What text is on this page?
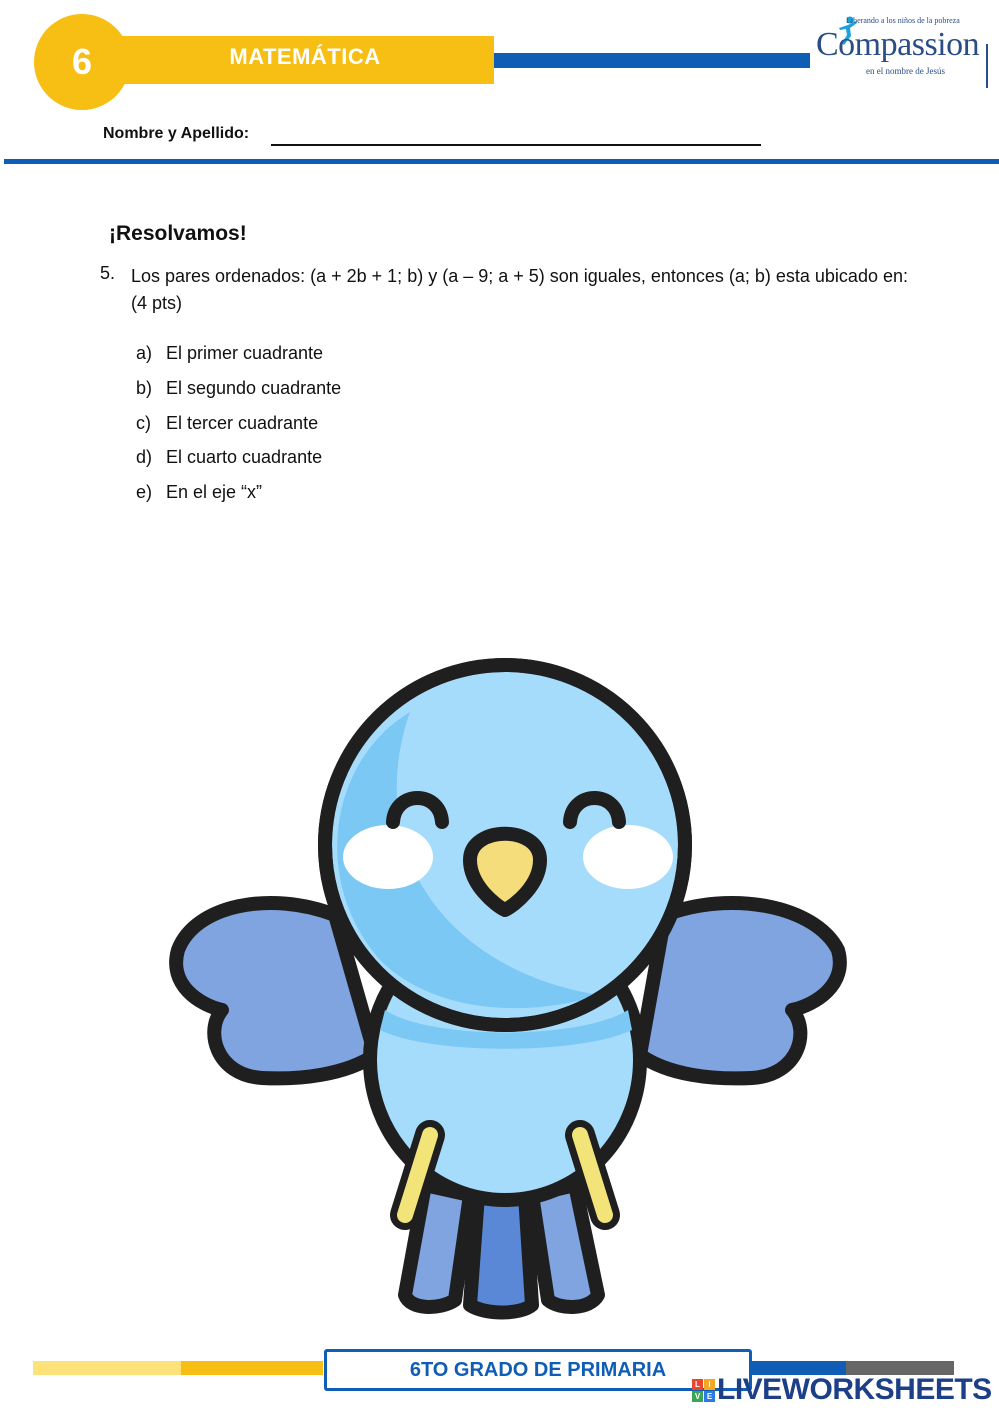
6	MATEMÁTICA
Liberando a los niños de la pobreza
Compassion
en el nombre de Jesús
Nombre y Apellido:
¡Resolvamos!
5. Los pares ordenados: (a + 2b + 1; b) y (a – 9; a + 5) son iguales, entonces (a; b) esta ubicado en: (4 pts)
a) El primer cuadrante
b) El segundo cuadrante
c) El tercer cuadrante
d) El cuarto cuadrante
e) En el eje “x”
6TO GRADO DE PRIMARIA
L	I
V E LIVEWORKSHEETS
